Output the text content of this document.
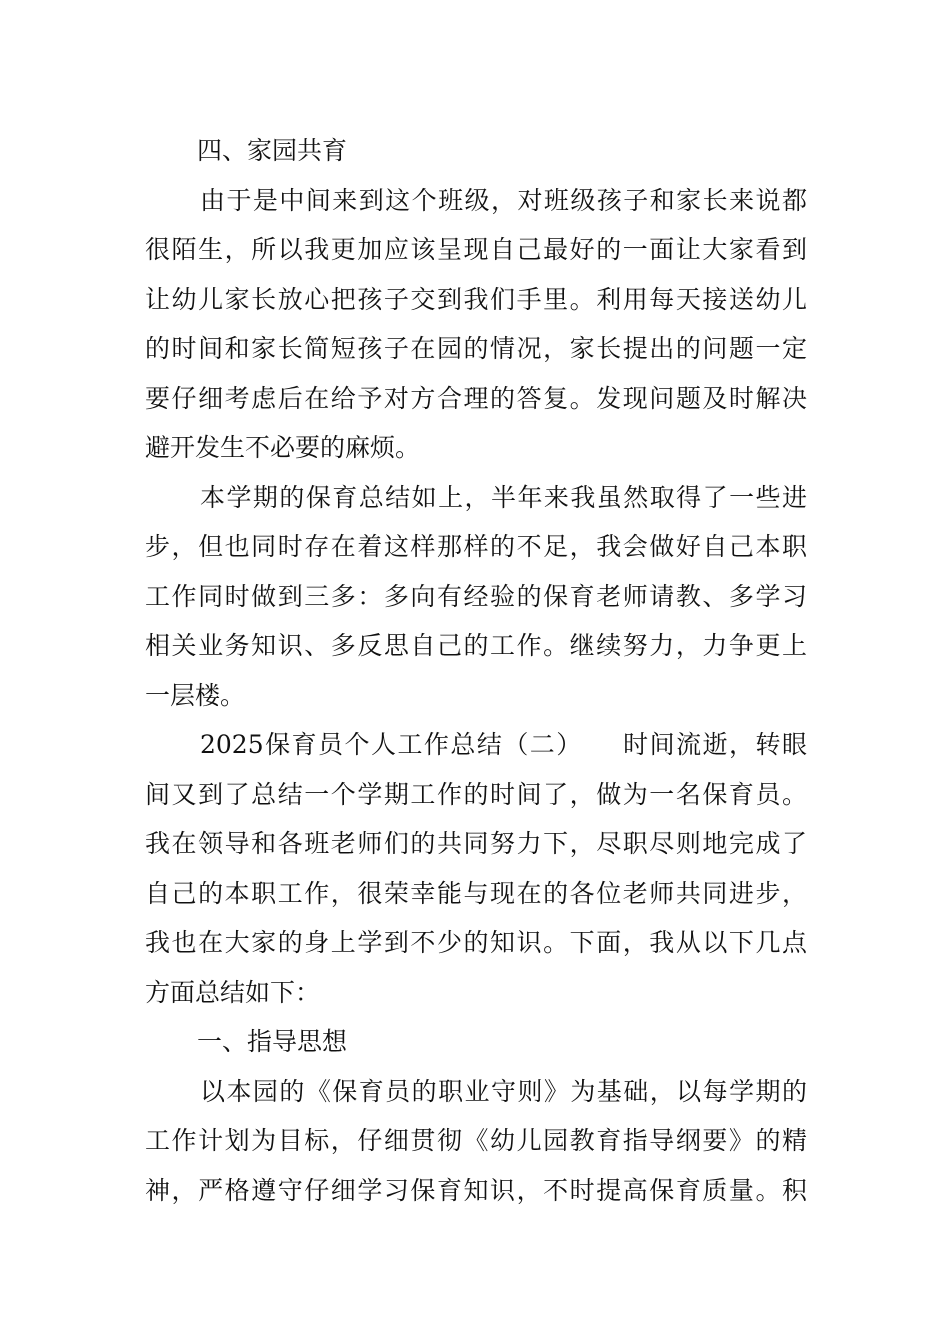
四、家园共育
由于是中间来到这个班级，对班级孩子和家长来说都
很陌生，所以我更加应该呈现自己最好的一面让大家看到
让幼儿家长放心把孩子交到我们手里。利用每天接送幼儿
的时间和家长简短孩子在园的情况，家长提出的问题一定
要仔细考虑后在给予对方合理的答复。发现问题及时解决
避开发生不必要的麻烦。
本学期的保育总结如上，半年来我虽然取得了一些进
步，但也同时存在着这样那样的不足，我会做好自己本职
工作同时做到三多：多向有经验的保育老师请教、多学习
相关业务知识、多反思自己的工作。继续努力，力争更上
一层楼。
2025保育员个人工作总结（二）　　时间流逝，转眼
间又到了总结一个学期工作的时间了，做为一名保育员。
我在领导和各班老师们的共同努力下，尽职尽则地完成了
自己的本职工作，很荣幸能与现在的各位老师共同进步，
我也在大家的身上学到不少的知识。下面，我从以下几点
方面总结如下：
一、指导思想
以本园的《保育员的职业守则》为基础，以每学期的
工作计划为目标，仔细贯彻《幼儿园教育指导纲要》的精
神，严格遵守仔细学习保育知识，不时提高保育质量。积
